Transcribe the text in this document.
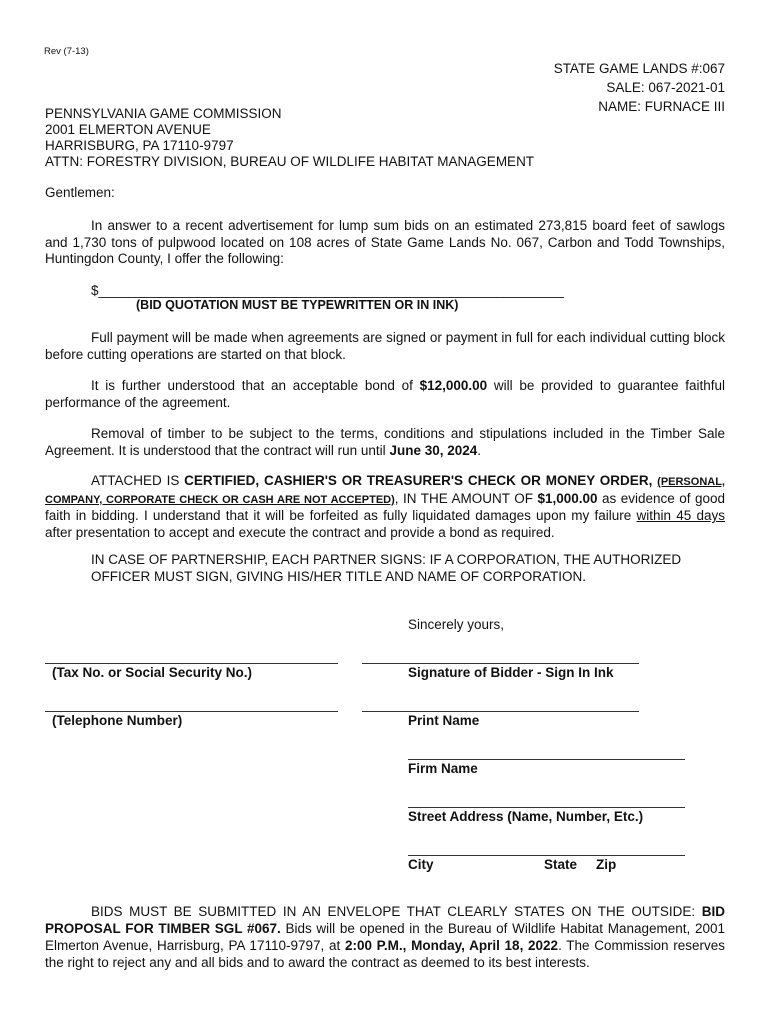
Rev (7-13)
STATE GAME LANDS #:067
SALE: 067-2021-01
NAME: FURNACE III
PENNSYLVANIA GAME COMMISSION
2001 ELMERTON AVENUE
HARRISBURG, PA 17110-9797
ATTN: FORESTRY DIVISION, BUREAU OF WILDLIFE HABITAT MANAGEMENT
Gentlemen:
In answer to a recent advertisement for lump sum bids on an estimated 273,815 board feet of sawlogs and 1,730 tons of pulpwood located on 108 acres of State Game Lands No. 067, Carbon and Todd Townships, Huntingdon County, I offer the following:
$______________________________________________________________
(BID QUOTATION MUST BE TYPEWRITTEN OR IN INK)
Full payment will be made when agreements are signed or payment in full for each individual cutting block before cutting operations are started on that block.
It is further understood that an acceptable bond of $12,000.00 will be provided to guarantee faithful performance of the agreement.
Removal of timber to be subject to the terms, conditions and stipulations included in the Timber Sale Agreement. It is understood that the contract will run until June 30, 2024.
ATTACHED IS CERTIFIED, CASHIER'S OR TREASURER'S CHECK OR MONEY ORDER, (PERSONAL, COMPANY, CORPORATE CHECK OR CASH ARE NOT ACCEPTED), IN THE AMOUNT OF $1,000.00 as evidence of good faith in bidding. I understand that it will be forfeited as fully liquidated damages upon my failure within 45 days after presentation to accept and execute the contract and provide a bond as required.
IN CASE OF PARTNERSHIP, EACH PARTNER SIGNS: IF A CORPORATION, THE AUTHORIZED OFFICER MUST SIGN, GIVING HIS/HER TITLE AND NAME OF CORPORATION.
Sincerely yours,
(Tax No. or Social Security No.)
(Telephone Number)
Signature of Bidder - Sign In Ink
Print Name
Firm Name
Street Address (Name, Number, Etc.)
City	State Zip
BIDS MUST BE SUBMITTED IN AN ENVELOPE THAT CLEARLY STATES ON THE OUTSIDE: BID PROPOSAL FOR TIMBER SGL #067. Bids will be opened in the Bureau of Wildlife Habitat Management, 2001 Elmerton Avenue, Harrisburg, PA 17110-9797, at 2:00 P.M., Monday, April 18, 2022. The Commission reserves the right to reject any and all bids and to award the contract as deemed to its best interests.
